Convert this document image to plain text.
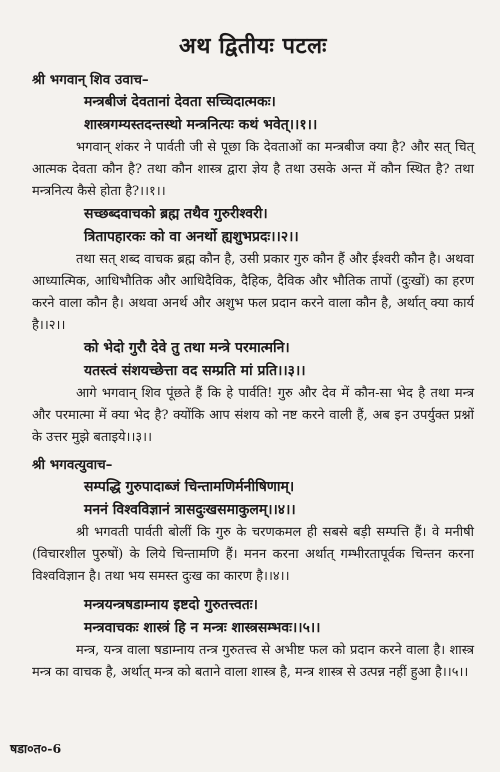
अथ द्वितीयः पटलः
श्री भगवान् शिव उवाच–
मन्त्रबीजं देवतानां देवता सच्चिदात्मकः।
शास्त्रगम्यस्तदन्तस्थो मन्त्रनित्यः कथं भवेत्।।१।।

भगवान् शंकर ने पार्वती जी से पूछा कि देवताओं का मन्त्रबीज क्या है? और सत् चित् आत्मक देवता कौन है? तथा कौन शास्त्र द्वारा ज्ञेय है तथा उसके अन्त में कौन स्थित है? तथा मन्त्रनित्य कैसे होता है?।।१।।

सच्छब्दवाचको ब्रह्म तथैव गुरुरीश्वरी।
त्रितापहारकः को वा अनर्थो ह्यशुभप्रदः।।२।।

तथा सत् शब्द वाचक ब्रह्म कौन है, उसी प्रकार गुरु कौन हैं और ईश्वरी कौन है। अथवा आध्यात्मिक, आधिभौतिक और आधिदैविक, दैहिक, दैविक और भौतिक तापों (दुःखों) का हरण करने वाला कौन है। अथवा अनर्थ और अशुभ फल प्रदान करने वाला कौन है, अर्थात् क्या कार्य है।।२।।

को भेदो गुरौ देवे तु तथा मन्त्रे परमात्मनि।
यतस्त्वं संशयच्छेत्ता वद सम्प्रति मां प्रति।।३।।

आगे भगवान् शिव पूंछते हैं कि हे पार्वति! गुरु और देव में कौन-सा भेद है तथा मन्त्र और परमात्मा में क्या भेद है? क्योंकि आप संशय को नष्ट करने वाली हैं, अब इन उपर्युक्त प्रश्नों के उत्तर मुझे बताइये।।३।।

श्री भगवत्युवाच–
सम्पद्धि गुरुपादाब्जं चिन्तामणिर्मनीषिणाम्।
मननं विश्वविज्ञानं त्रासदुःखसमाकुलम्।।४।।

श्री भगवती पार्वती बोलीं कि गुरु के चरणकमल ही सबसे बड़ी सम्पत्ति हैं। वे मनीषी (विचारशील पुरुषों) के लिये चिन्तामणि हैं। मनन करना अर्थात् गम्भीरतापूर्वक चिन्तन करना विश्वविज्ञान है। तथा भय समस्त दुःख का कारण है।।४।।

मन्त्रयन्त्रषडाम्नाय इष्टदो गुरुतत्त्वतः।
मन्त्रवाचकः शास्त्रं हि न मन्त्रः शास्त्रसम्भवः।।५।।

मन्त्र, यन्त्र वाला षडाम्नाय तन्त्र गुरुतत्त्व से अभीष्ट फल को प्रदान करने वाला है। शास्त्र मन्त्र का वाचक है, अर्थात् मन्त्र को बताने वाला शास्त्र है, मन्त्र शास्त्र से उत्पन्न नहीं हुआ है।।५।।

षडा०त०-6
